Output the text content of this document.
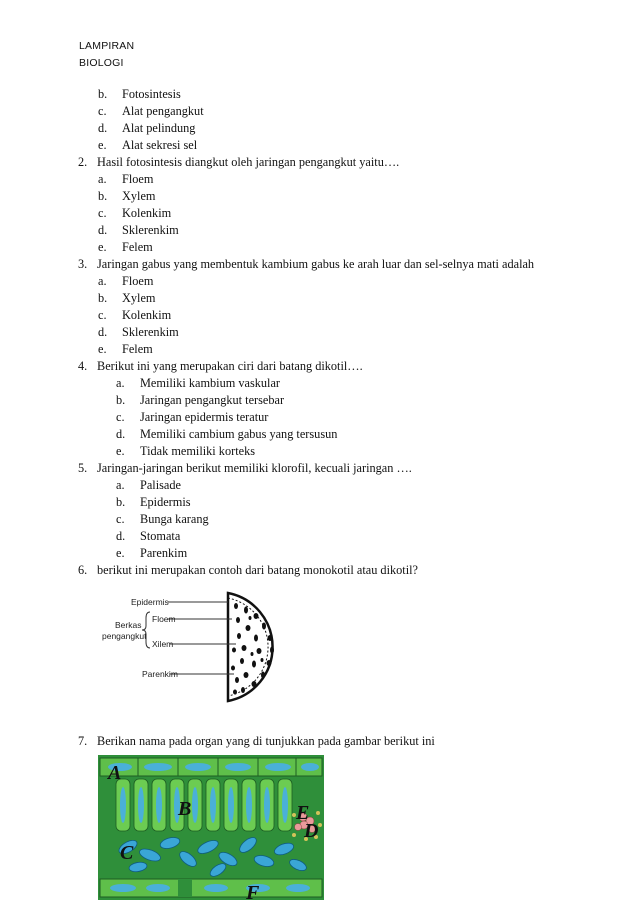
LAMPIRAN
BIOLOGI
b. Fotosintesis
c. Alat pengangkut
d. Alat pelindung
e. Alat sekresi sel
2. Hasil fotosintesis diangkut oleh jaringan pengangkut yaitu….
a. Floem
b. Xylem
c. Kolenkim
d. Sklerenkim
e. Felem
3. Jaringan gabus yang membentuk kambium gabus ke arah luar dan sel-selnya mati adalah
a. Floem
b. Xylem
c. Kolenkim
d. Sklerenkim
e. Felem
4. Berikut ini yang merupakan ciri dari batang dikotil….
a. Memiliki kambium vaskular
b. Jaringan pengangkut tersebar
c. Jaringan epidermis teratur
d. Memiliki cambium gabus yang tersusun
e. Tidak memiliki korteks
5. Jaringan-jaringan berikut memiliki klorofil, kecuali jaringan ….
a. Palisade
b. Epidermis
c. Bunga karang
d. Stomata
e. Parenkim
6. berikut ini merupakan contoh dari batang monokotil atau dikotil?
Epidermis
Floem
Berkas
pengangkut
Xilem
Parenkim
7. Berikan nama pada organ yang di tunjukkan pada gambar berikut ini
A
B
C
D
E
F
